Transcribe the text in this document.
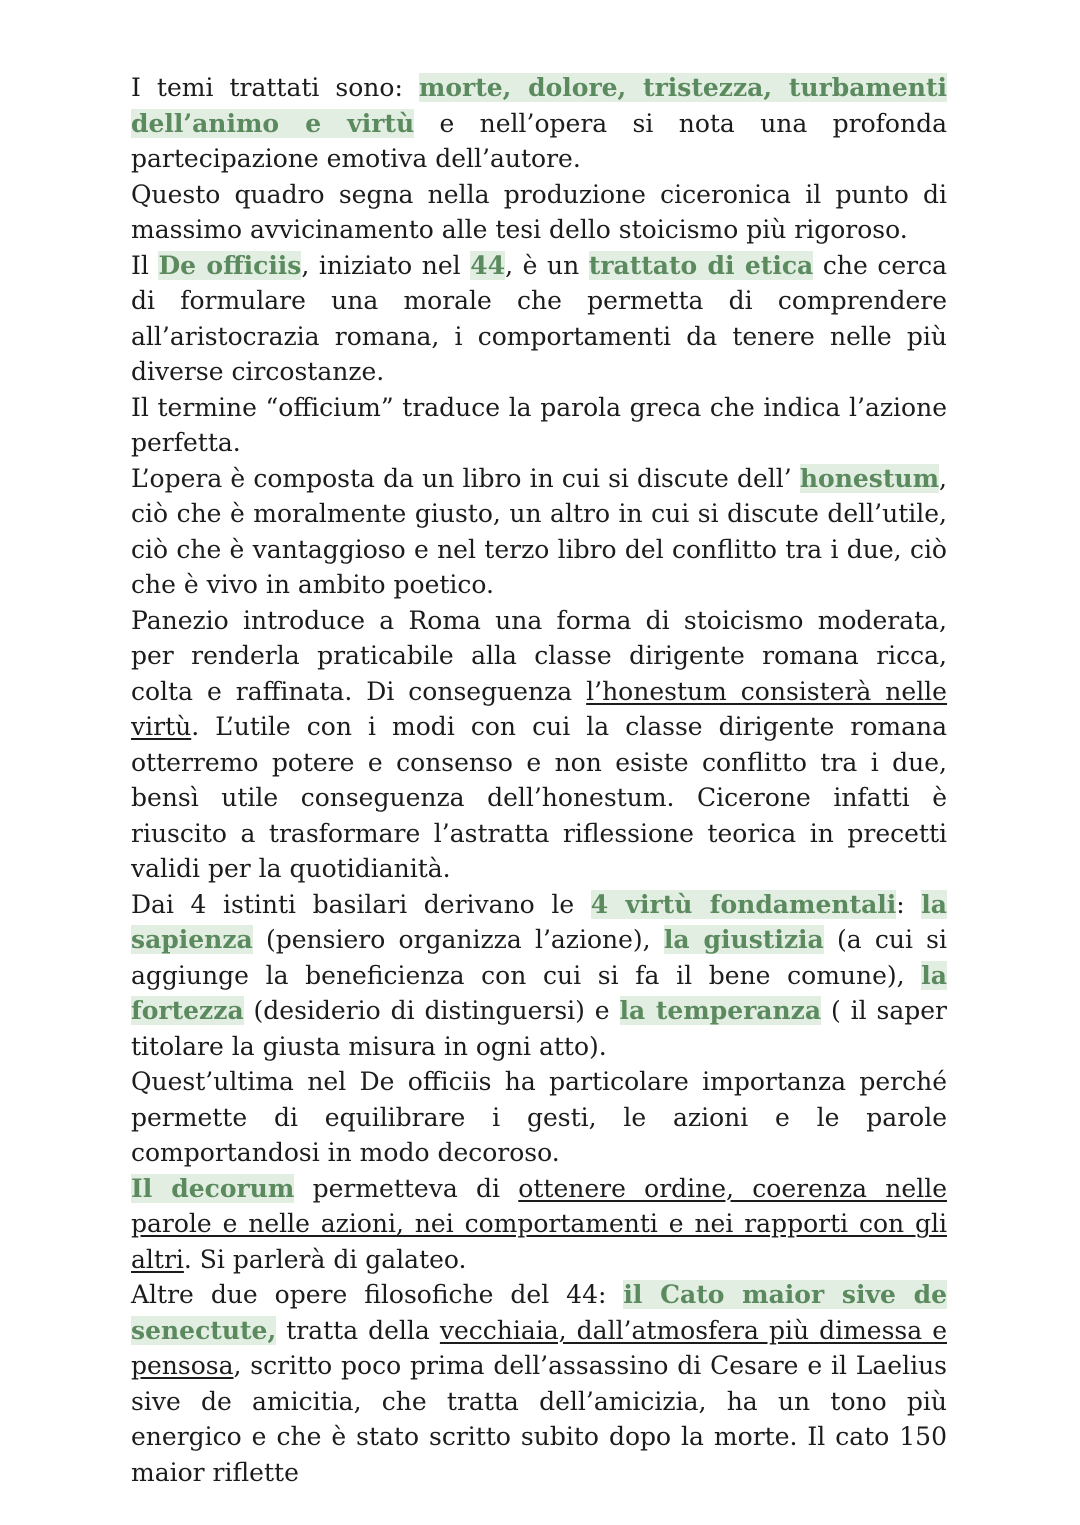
I temi trattati sono: morte, dolore, tristezza, turbamenti dell’animo e virtù e nell’opera si nota una profonda partecipazione emotiva dell’autore.

Questo quadro segna nella produzione ciceronica il punto di massimo avvicinamento alle tesi dello stoicismo più rigoroso.

Il De officiis, iniziato nel 44, è un trattato di etica che cerca di formulare una morale che permetta di comprendere all’aristocrazia romana, i comportamenti da tenere nelle più diverse circostanze.

Il termine “officium” traduce la parola greca che indica l’azione perfetta.

L’opera è composta da un libro in cui si discute dell’ honestum, ciò che è moralmente giusto, un altro in cui si discute dell’utile, ciò che è vantaggioso e nel terzo libro del conflitto tra i due, ciò che è vivo in ambito poetico.

Panezio introduce a Roma una forma di stoicismo moderata, per renderla praticabile alla classe dirigente romana ricca, colta e raffinata. Di conseguenza l’honestum consisterà nelle virtù. L’utile con i modi con cui la classe dirigente romana otterremo potere e consenso e non esiste conflitto tra i due, bensì utile conseguenza dell’honestum. Cicerone infatti è riuscito a trasformare l’astratta riflessione teorica in precetti validi per la quotidianità.

Dai 4 istinti basilari derivano le 4 virtù fondamentali: la sapienza (pensiero organizza l’azione), la giustizia (a cui si aggiunge la beneficienza con cui si fa il bene comune), la fortezza (desiderio di distinguersi) e la temperanza ( il saper titolare la giusta misura in ogni atto).

Quest’ultima nel De officiis ha particolare importanza perché permette di equilibrare i gesti, le azioni e le parole comportandosi in modo decoroso.

Il decorum permetteva di ottenere ordine, coerenza nelle parole e nelle azioni, nei comportamenti e nei rapporti con gli altri. Si parlerà di galateo.

Altre due opere filosofiche del 44: il Cato maior sive de senectute, tratta della vecchiaia, dall’atmosfera più dimessa e pensosa, scritto poco prima dell’assassino di Cesare e il Laelius sive de amicitia, che tratta dell’amicizia, ha un tono più energico e che è stato scritto subito dopo la morte. Il cato 150 maior riflette
